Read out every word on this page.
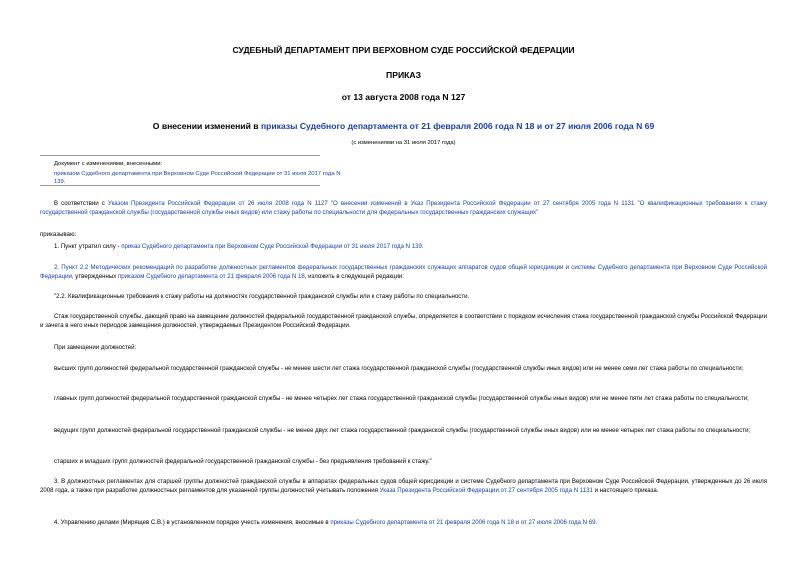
СУДЕБНЫЙ ДЕПАРТАМЕНТ ПРИ ВЕРХОВНОМ СУДЕ РОССИЙСКОЙ ФЕДЕРАЦИИ
ПРИКАЗ
от 13 августа 2008 года N 127
О внесении изменений в приказы Судебного департамента от 21 февраля 2006 года N 18 и от 27 июля 2006 года N 69
(с изменениями на 31 июля 2017 года)
Документ с изменениями, внесенными:
приказом Судебного департамента при Верховном Суде Российской Федерации от 31 июля 2017 года N 139.
В соответствии с Указом Президента Российской Федерации от 26 июля 2008 года N 1127 "О внесении изменений в Указ Президента Российской Федерации от 27 сентября 2005 года N 1131 "О квалификационных требованиях к стажу государственной гражданской службы (государственной службы иных видов) или стажу работы по специальности для федеральных государственных гражданских служащих"
приказываю:
1. Пункт утратил силу - приказ Судебного департамента при Верховном Суде Российской Федерации от 31 июля 2017 года N 139.
2. Пункт 2.2 Методических рекомендаций по разработке должностных регламентов федеральных государственных гражданских служащих аппаратов судов общей юрисдикции и системы Судебного департамента при Верховном Суде Российской Федерации, утвержденных приказом Судебного департамента от 21 февраля 2006 года N 18, изложить в следующей редакции:
"2.2. Квалификационные требования к стажу работы на должностях государственной гражданской службы или к стажу работы по специальности.
Стаж государственной службы, дающий право на замещение должностей федеральной государственной гражданской службы, определяется в соответствии с порядком исчисления стажа государственной гражданской службы Российской Федерации и зачета в него иных периодов замещения должностей, утверждаемых Президентом Российской Федерации.
При замещении должностей:
высших групп должностей федеральной государственной гражданской службы - не менее шести лет стажа государственной гражданской службы (государственной службы иных видов) или не менее семи лет стажа работы по специальности;
главных групп должностей федеральной государственной гражданской службы - не менее четырех лет стажа государственной гражданской службы (государственной службы иных видов) или не менее пяти лет стажа работы по специальности;
ведущих групп должностей федеральной государственной гражданской службы - не менее двух лет стажа государственной гражданской службы (государственной службы иных видов) или не менее четырех лет стажа работы по специальности;
старших и младших групп должностей федеральной государственной гражданской службы - без предъявления требований к стажу."
3. В должностных регламентах для старшей группы должностей гражданской службы в аппаратах федеральных судов общей юрисдикции и системе Судебного департамента при Верховном Суде Российской Федерации, утвержденных до 26 июля 2008 года, а также при разработке должностных регламентов для указанной группы должностей учитывать положения Указа Президента Российской Федерации от 27 сентября 2005 года N 1131 и настоящего приказа.
4. Управлению делами (Мирящев С.В.) в установленном порядке учесть изменения, вносимые в приказы Судебного департамента от 21 февраля 2006 года N 18 и от 27 июля 2006 года N 69.
